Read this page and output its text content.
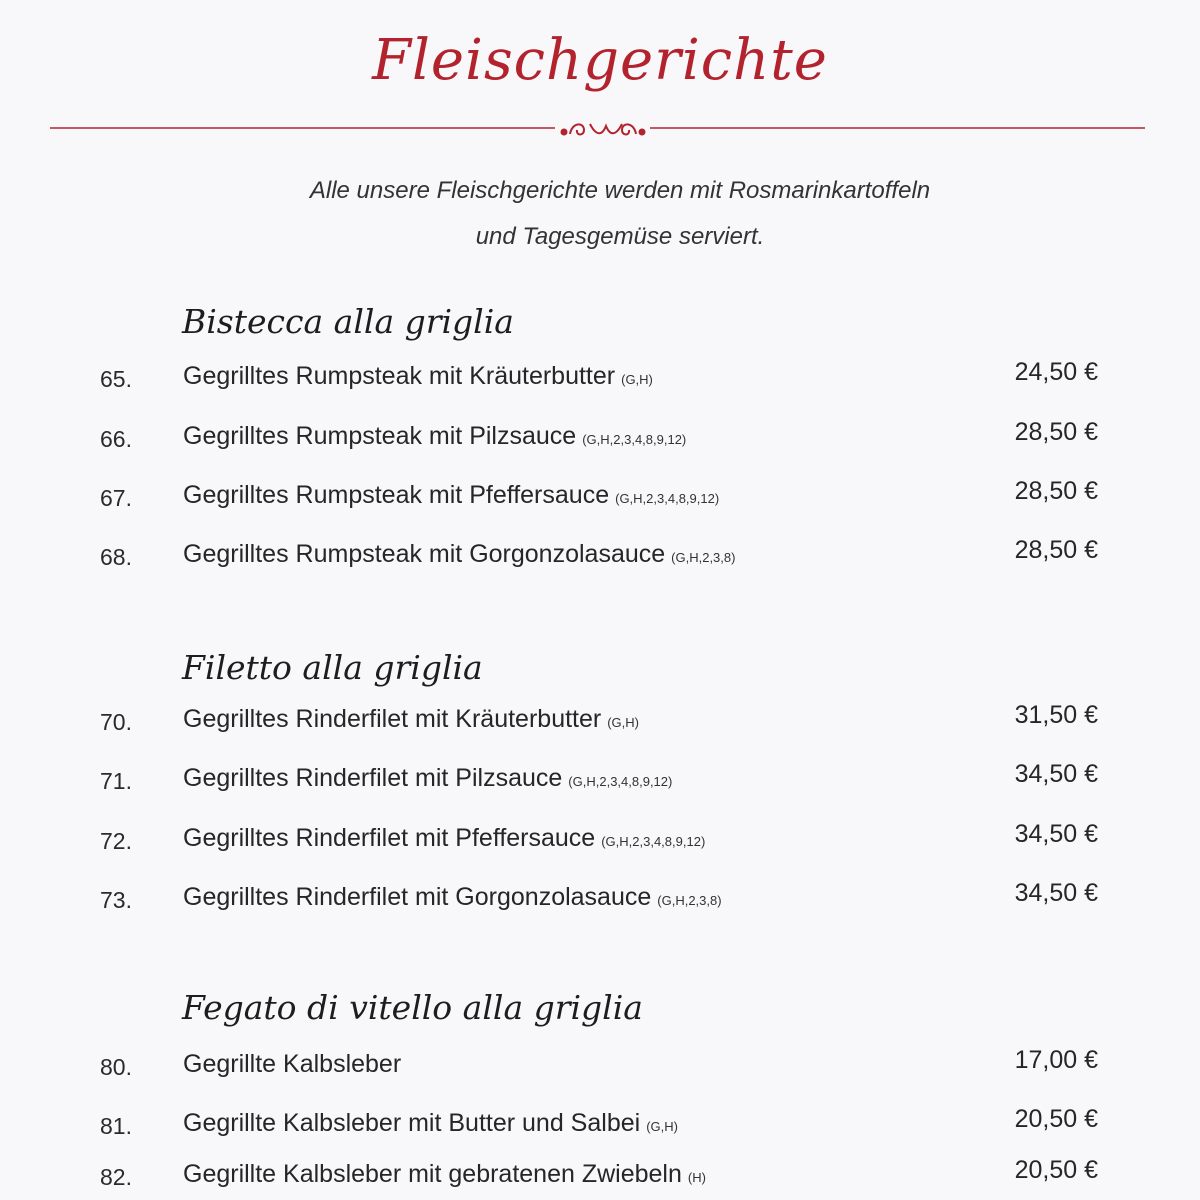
Fleischgerichte
Alle unsere Fleischgerichte werden mit Rosmarinkartoffeln
und Tagesgemüse serviert.
Bistecca alla griglia
65. Gegrilltes Rumpsteak mit Kräuterbutter (G,H)	24,50 €
66. Gegrilltes Rumpsteak mit Pilzsauce (G,H,2,3,4,8,9,12)	28,50 €
67. Gegrilltes Rumpsteak mit Pfeffersauce (G,H,2,3,4,8,9,12)	28,50 €
68. Gegrilltes Rumpsteak mit Gorgonzolasauce (G,H,2,3,8)	28,50 €
Filetto alla griglia
70. Gegrilltes Rinderfilet mit Kräuterbutter (G,H)	31,50 €
71. Gegrilltes Rinderfilet mit Pilzsauce (G,H,2,3,4,8,9,12)	34,50 €
72. Gegrilltes Rinderfilet mit Pfeffersauce (G,H,2,3,4,8,9,12)	34,50 €
73. Gegrilltes Rinderfilet mit Gorgonzolasauce (G,H,2,3,8)	34,50 €
Fegato di vitello alla griglia
80. Gegrillte Kalbsleber	17,00 €
81. Gegrillte Kalbsleber mit Butter und Salbei (G,H)	20,50 €
82. Gegrillte Kalbsleber mit gebratenen Zwiebeln (H)	20,50 €
